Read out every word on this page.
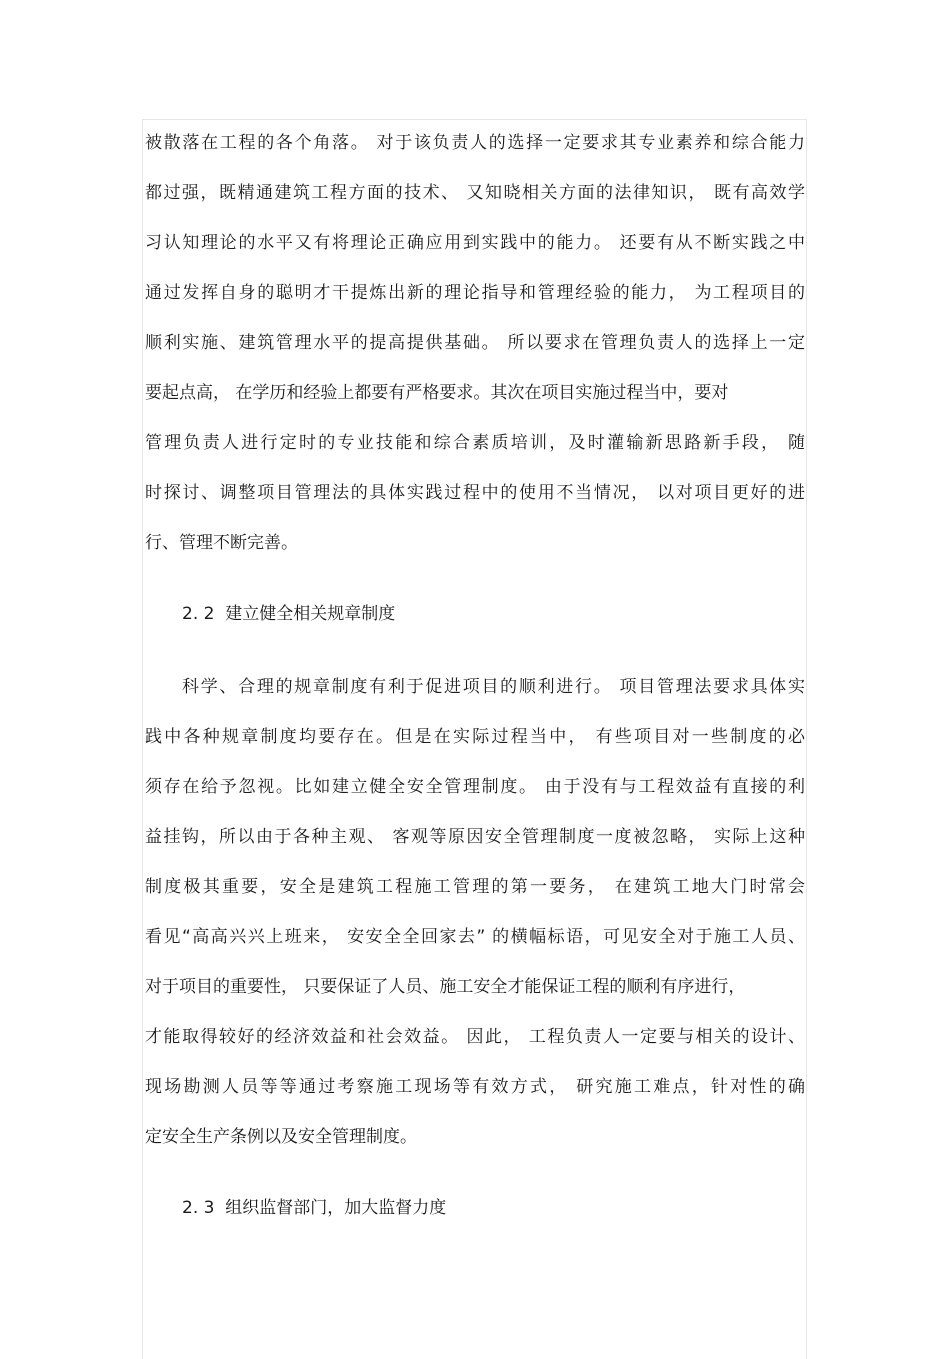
被散落在工程的各个角落。 对于该负责人的选择一定要求其专业素养和综合能力
都过强，既精通建筑工程方面的技术、 又知晓相关方面的法律知识， 既有高效学
习认知理论的水平又有将理论正确应用到实践中的能力。 还要有从不断实践之中
通过发挥自身的聪明才干提炼出新的理论指导和管理经验的能力， 为工程项目的
顺利实施、建筑管理水平的提高提供基础。 所以要求在管理负责人的选择上一定
要起点高， 在学历和经验上都要有严格要求。其次在项目实施过程当中，要对
管理负责人进行定时的专业技能和综合素质培训，及时灌输新思路新手段， 随
时探讨、调整项目管理法的具体实践过程中的使用不当情况， 以对项目更好的进
行、管理不断完善。
2. 2  建立健全相关规章制度
科学、合理的规章制度有利于促进项目的顺利进行。 项目管理法要求具体实
践中各种规章制度均要存在。但是在实际过程当中， 有些项目对一些制度的必
须存在给予忽视。比如建立健全安全管理制度。 由于没有与工程效益有直接的利
益挂钩，所以由于各种主观、 客观等原因安全管理制度一度被忽略， 实际上这种
制度极其重要，安全是建筑工程施工管理的第一要务， 在建筑工地大门时常会
看见“高高兴兴上班来， 安安全全回家去” 的横幅标语，可见安全对于施工人员、
对于项目的重要性， 只要保证了人员、施工安全才能保证工程的顺利有序进行，
才能取得较好的经济效益和社会效益。 因此， 工程负责人一定要与相关的设计、
现场勘测人员等等通过考察施工现场等有效方式， 研究施工难点，针对性的确
定安全生产条例以及安全管理制度。
2. 3  组织监督部门，加大监督力度
